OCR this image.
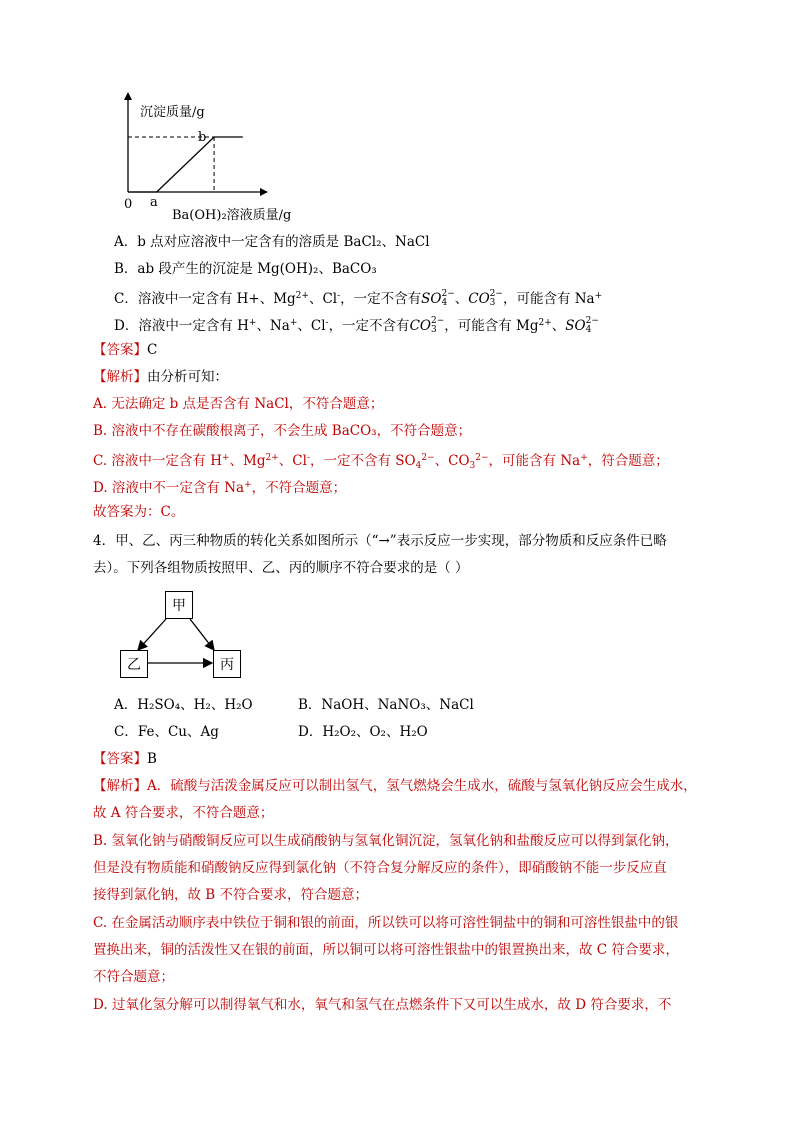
沉淀质量/g
Ba(OH)₂溶液质量/g
0 a
b
A．b 点对应溶液中一定含有的溶质是 BaCl₂、NaCl
B．ab 段产生的沉淀是 Mg(OH)₂、BaCO₃
C．溶液中一定含有 H+、$Mg^{2+}$、Cl-，一定不含有SO 2−
4 、CO 2−
3 ，可能含有 Na+
D．溶液中一定含有 H+、Na+、Cl-，一定不含有CO 2−
3 ，可能含有 $Mg^{2+}$、SO 2−
4
【答案】C
【解析】由分析可知：
A. 无法确定 b 点是否含有 NaCl，不符合题意；
B. 溶液中不存在碳酸根离子，不会生成 BaCO₃，不符合题意；
C. 溶液中一定含有 H+、$Mg^{2+}$、Cl-，一定不含有 $SO_4^{2-}$、$CO_3^{2-}$，可能含有 Na+，符合题意；
D. 溶液中不一定含有 Na+，不符合题意；
故答案为：C。
4．甲、乙、丙三种物质的转化关系如图所示（“→”表示反应一步实现，部分物质和反应条件已略
去）。下列各组物质按照甲、乙、丙的顺序不符合要求的是（ ）
甲
乙	丙
A．H₂SO₄、H₂、H₂O	B．NaOH、NaNO₃、NaCl
C．Fe、Cu、Ag	D．H₂O₂、O₂、H₂O
【答案】B
【解析】A．硫酸与活泼金属反应可以制出氢气，氢气燃烧会生成水，硫酸与氢氧化钠反应会生成水，
故 A 符合要求，不符合题意；
B. 氢氧化钠与硝酸铜反应可以生成硝酸钠与氢氧化铜沉淀，氢氧化钠和盐酸反应可以得到氯化钠，
但是没有物质能和硝酸钠反应得到氯化钠（不符合复分解反应的条件），即硝酸钠不能一步反应直
接得到氯化钠，故 B 不符合要求，符合题意；
C. 在金属活动顺序表中铁位于铜和银的前面，所以铁可以将可溶性铜盐中的铜和可溶性银盐中的银
置换出来，铜的活泼性又在银的前面，所以铜可以将可溶性银盐中的银置换出来，故 C 符合要求，
不符合题意；
D. 过氧化氢分解可以制得氧气和水，氧气和氢气在点燃条件下又可以生成水，故 D 符合要求，不
